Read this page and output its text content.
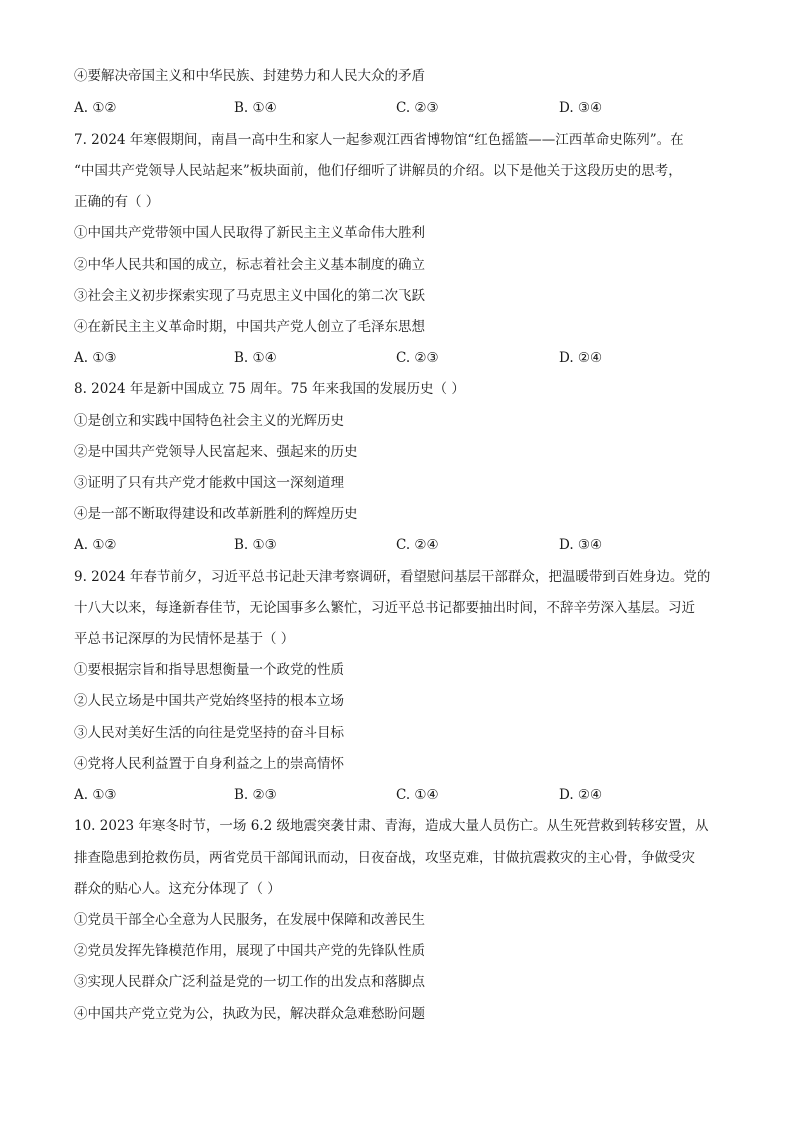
④要解决帝国主义和中华民族、封建势力和人民大众的矛盾
A. ①②	B. ①④	C. ②③	D. ③④
7. 2024 年寒假期间，南昌一高中生和家人一起参观江西省博物馆“红色摇篮——江西革命史陈列”。在
“中国共产党领导人民站起来”板块面前，他们仔细听了讲解员的介绍。以下是他关于这段历史的思考，
正确的有（ ）
①中国共产党带领中国人民取得了新民主主义革命伟大胜利
②中华人民共和国的成立，标志着社会主义基本制度的确立
③社会主义初步探索实现了马克思主义中国化的第二次飞跃
④在新民主主义革命时期，中国共产党人创立了毛泽东思想
A. ①③	B. ①④	C. ②③	D. ②④
8. 2024 年是新中国成立 75 周年。75 年来我国的发展历史（ ）
①是创立和实践中国特色社会主义的光辉历史
②是中国共产党领导人民富起来、强起来的历史
③证明了只有共产党才能救中国这一深刻道理
④是一部不断取得建设和改革新胜利的辉煌历史
A. ①②	B. ①③	C. ②④	D. ③④
9. 2024 年春节前夕，习近平总书记赴天津考察调研，看望慰问基层干部群众，把温暖带到百姓身边。党的
十八大以来，每逢新春佳节，无论国事多么繁忙，习近平总书记都要抽出时间，不辞辛劳深入基层。习近
平总书记深厚的为民情怀是基于（ ）
①要根据宗旨和指导思想衡量一个政党的性质
②人民立场是中国共产党始终坚持的根本立场
③人民对美好生活的向往是党坚持的奋斗目标
④党将人民利益置于自身利益之上的崇高情怀
A. ①③	B. ②③	C. ①④	D. ②④
10. 2023 年寒冬时节，一场 6.2 级地震突袭甘肃、青海，造成大量人员伤亡。从生死营救到转移安置，从
排查隐患到抢救伤员，两省党员干部闻讯而动，日夜奋战，攻坚克难，甘做抗震救灾的主心骨，争做受灾
群众的贴心人。这充分体现了（ ）
①党员干部全心全意为人民服务，在发展中保障和改善民生
②党员发挥先锋模范作用，展现了中国共产党的先锋队性质
③实现人民群众广泛利益是党的一切工作的出发点和落脚点
④中国共产党立党为公，执政为民，解决群众急难愁盼问题
